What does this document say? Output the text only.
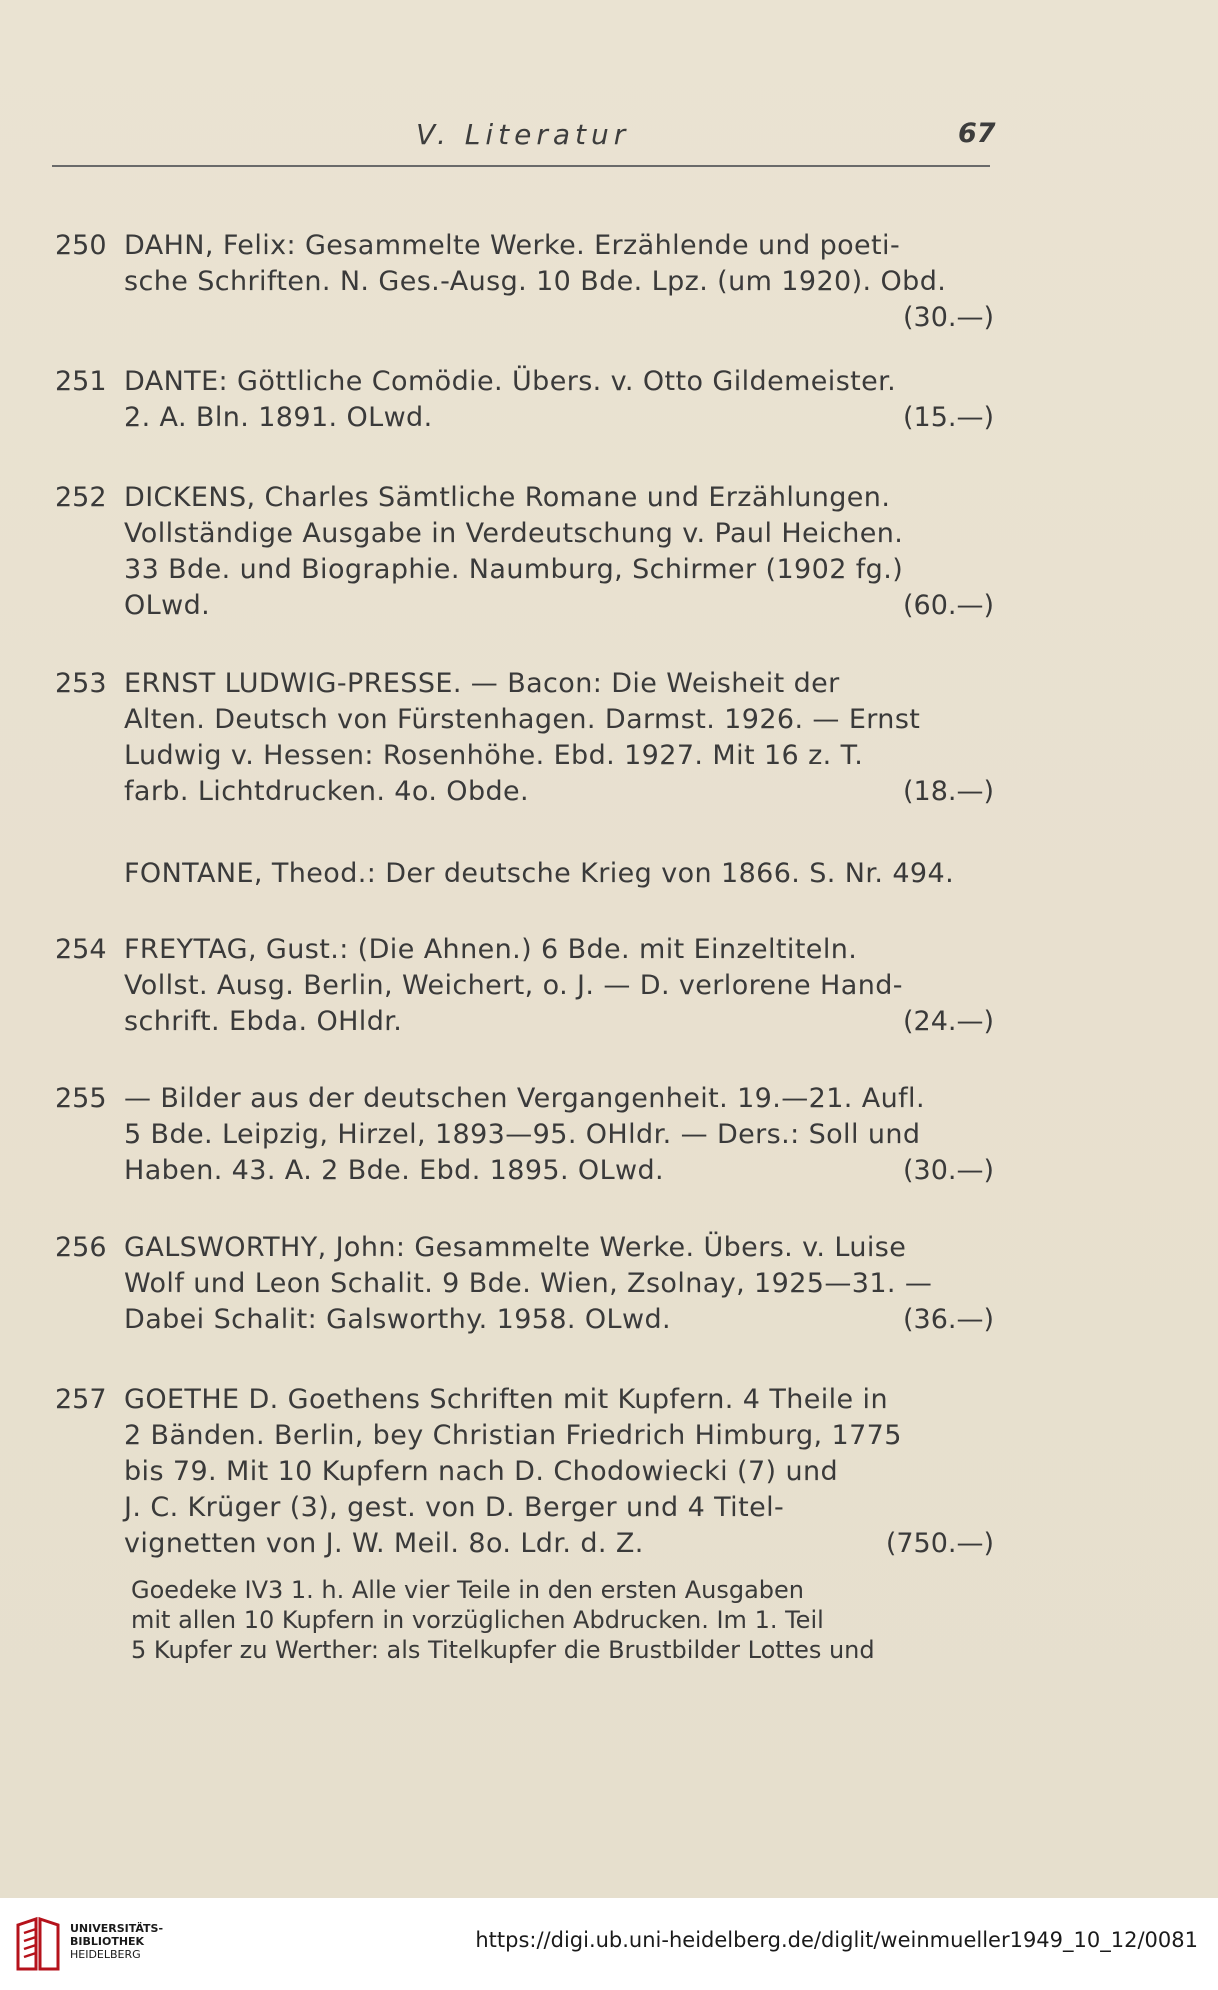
V. Literatur	67
250 DAHN, Felix: Gesammelte Werke. Erzählende und poeti-
sche Schriften. N. Ges.-Ausg. 10 Bde. Lpz. (um 1920). Obd.
(30.—)
251 DANTE: Göttliche Comödie. Übers. v. Otto Gildemeister.
2. A. Bln. 1891. OLwd.	(15.—)
252 DICKENS, Charles Sämtliche Romane und Erzählungen.
Vollständige Ausgabe in Verdeutschung v. Paul Heichen.
33 Bde. und Biographie. Naumburg, Schirmer (1902 fg.)
OLwd.	(60.—)
253 ERNST LUDWIG-PRESSE. — Bacon: Die Weisheit der
Alten. Deutsch von Fürstenhagen. Darmst. 1926. — Ernst
Ludwig v. Hessen: Rosenhöhe. Ebd. 1927. Mit 16 z. T.
farb. Lichtdrucken. 4o. Obde.	(18.—)
FONTANE, Theod.: Der deutsche Krieg von 1866. S. Nr. 494.
254 FREYTAG, Gust.: (Die Ahnen.) 6 Bde. mit Einzeltiteln.
Vollst. Ausg. Berlin, Weichert, o. J. — D. verlorene Hand-
schrift. Ebda. OHldr.	(24.—)
255 — Bilder aus der deutschen Vergangenheit. 19.—21. Aufl.
5 Bde. Leipzig, Hirzel, 1893—95. OHldr. — Ders.: Soll und
Haben. 43. A. 2 Bde. Ebd. 1895. OLwd.	(30.—)
256 GALSWORTHY, John: Gesammelte Werke. Übers. v. Luise
Wolf und Leon Schalit. 9 Bde. Wien, Zsolnay, 1925—31. —
Dabei Schalit: Galsworthy. 1958. OLwd.	(36.—)
257 GOETHE D. Goethens Schriften mit Kupfern. 4 Theile in
2 Bänden. Berlin, bey Christian Friedrich Himburg, 1775
bis 79. Mit 10 Kupfern nach D. Chodowiecki (7) und
J. C. Krüger (3), gest. von D. Berger und 4 Titel-
vignetten von J. W. Meil. 8o. Ldr. d. Z.	(750.—)
Goedeke IV3 1. h. Alle vier Teile in den ersten Ausgaben
mit allen 10 Kupfern in vorzüglichen Abdrucken. Im 1. Teil
5 Kupfer zu Werther: als Titelkupfer die Brustbilder Lottes und
UNIVERSITÄTS-
BIBLIOTHEK
HEIDELBERG
https://digi.ub.uni-heidelberg.de/diglit/weinmueller1949_10_12/0081
